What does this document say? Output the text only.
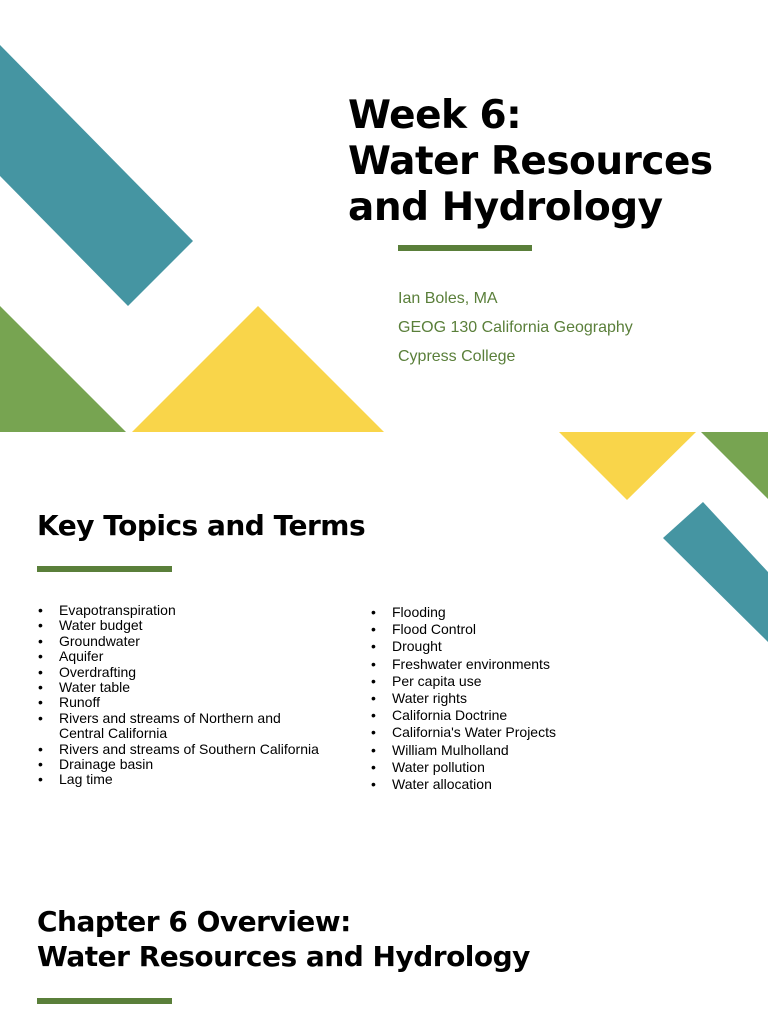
Week 6:
Water Resources
and Hydrology
Ian Boles, MA
GEOG 130 California Geography
Cypress College
Key Topics and Terms
• Evapotranspiration
• Water budget
• Groundwater
• Aquifer
• Overdrafting
• Water table
• Runoff
• Rivers and streams of Northern and Central California
• Rivers and streams of Southern California
• Drainage basin
• Lag time
• Flooding
• Flood Control
• Drought
• Freshwater environments
• Per capita use
• Water rights
• California Doctrine
• California's Water Projects
• William Mulholland
• Water pollution
• Water allocation
Chapter 6 Overview:
Water Resources and Hydrology
